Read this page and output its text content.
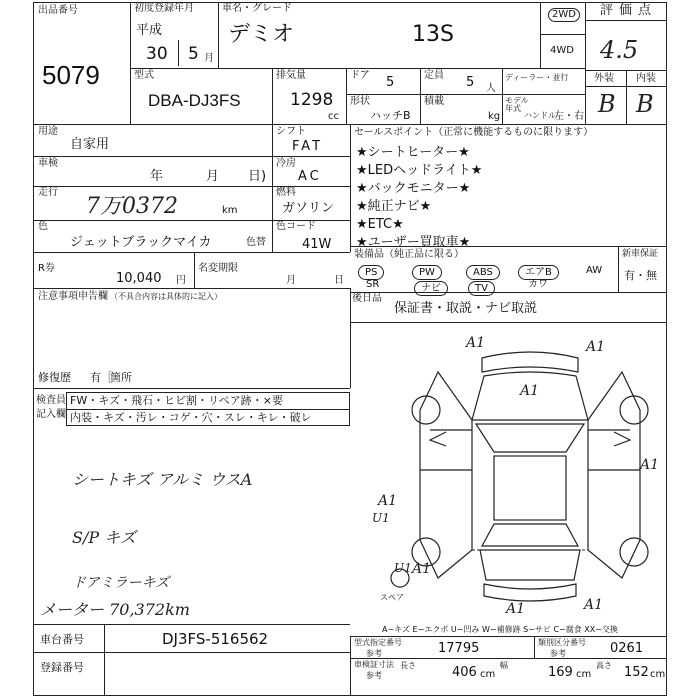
出品番号
5079
初度登録年月
平成
30 5 月
車名・グレード
デミオ	13S
2WD
4WD
評価点
4.5
外装 内装
B B
型式
DBA-DJ3FS
排気量
1298
cc
ドア 5	定員 5 人
ディーラー・並行
形状
ハッチB
積載
kg
モデル年式
ハンドル
左・右
用途
自家用
シフト
FAT
車検
年	月 日)
冷房
AC
走行
7万0372	km
燃料
ガソリン
色
ジェットブラックマイカ	色替
色コード
41W
R券
10,040 円
名変期限
月	日
セールスポイント（正常に機能するものに限ります）
★シートヒーター★
★LEDヘッドライト★
★バックモニター★
★純正ナビ★
★ETC★
★ユーザー買取車★
装備品（純正品に限る）
PS	PW	ABS	エアB	AW
SR	ナビ	TV	カワ
新車保証
有・無
後日品
保証書・取説・ナビ取説
注意事項申告欄 （不具合内容は具体的に記入）
修復歴 有［
箇所
検査員
記入欄
FW・キズ・飛石・ヒビ割・リペア跡・×要
内装・キズ・汚レ・コゲ・穴・スレ・キレ・破レ
シートキズ アルミ ウスA
S/P キズ
ドアミラーキズ
メーター 70,372km
A1	A1
A1
A1
A1
U1
U1 A1
A1	A1
スペア
A−キズ E−エクボ U−凹み W−補修跡 S−サビ C−腐食 XX−交換
車台番号	DJ3FS-516562
登録番号
型式指定番号
参考	17795	類別区分番号
参考	0261
車検証寸法
参考
長さ	406 cm
幅	169 cm
高さ 152 cm
